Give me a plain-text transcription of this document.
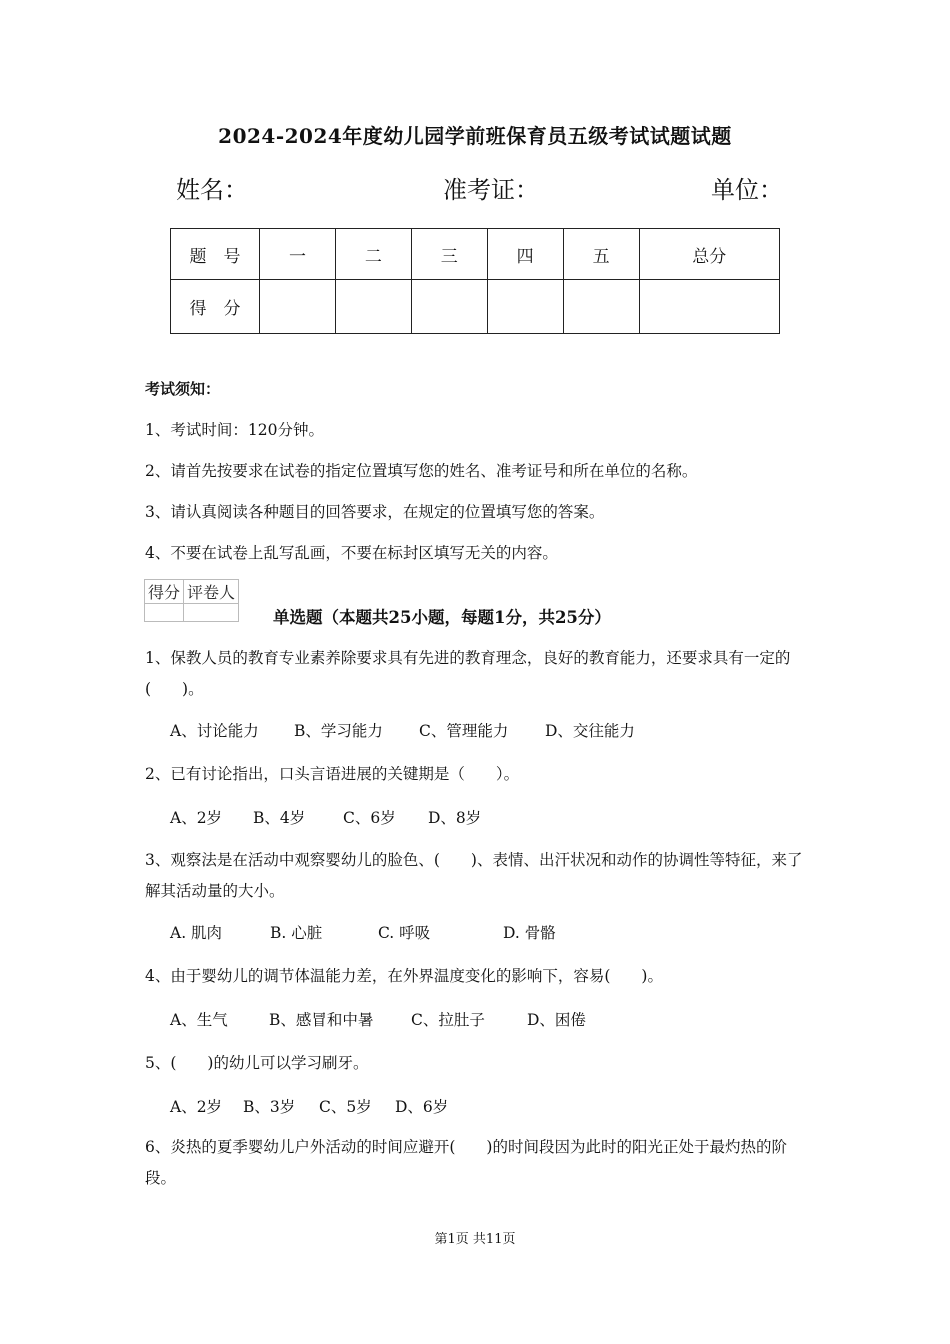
2024-2024年度幼儿园学前班保育员五级考试试题试题
姓名：	准考证：	单位：
题　号	一	二	三	四	五	总分
得　分						
考试须知：
1、考试时间：120分钟。
2、请首先按要求在试卷的指定位置填写您的姓名、准考证号和所在单位的名称。
3、请认真阅读各种题目的回答要求，在规定的位置填写您的答案。
4、不要在试卷上乱写乱画，不要在标封区填写无关的内容。
得分	评卷人

单选题（本题共25小题，每题1分，共25分）
1、保教人员的教育专业素养除要求具有先进的教育理念，良好的教育能力，还要求具有一定的(　　)。
A、讨论能力 B、学习能力 C、管理能力 D、交往能力
2、已有讨论指出，口头言语进展的关键期是（　　）。
A、2岁 B、4岁 C、6岁 D、8岁
3、观察法是在活动中观察婴幼儿的脸色、(　　)、表情、出汗状况和动作的协调性等特征，来了解其活动量的大小。
A. 肌肉	B. 心脏	C. 呼吸	D. 骨骼
4、由于婴幼儿的调节体温能力差，在外界温度变化的影响下，容易(　　)。
A、生气	B、感冒和中暑 C、拉肚子	D、困倦
5、(　　)的幼儿可以学习刷牙。
A、2岁 B、3岁 C、5岁 D、6岁
6、炎热的夏季婴幼儿户外活动的时间应避开(　　)的时间段因为此时的阳光正处于最灼热的阶段。
第1页 共11页
